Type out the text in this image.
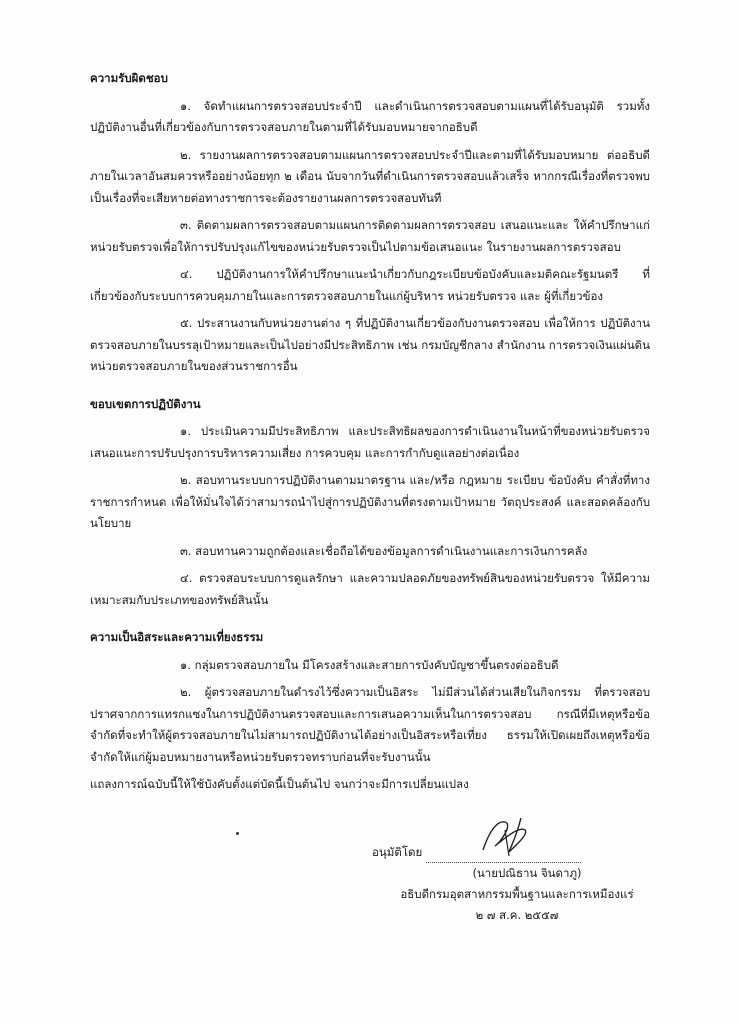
ความรับผิดชอบ
๑. จัดทำแผนการตรวจสอบประจำปี และดำเนินการตรวจสอบตามแผนที่ได้รับอนุมัติ รวมทั้งปฏิบัติงานอื่นที่เกี่ยวข้องกับการตรวจสอบภายในตามที่ได้รับมอบหมายจากอธิบดี
๒. รายงานผลการตรวจสอบตามแผนการตรวจสอบประจำปีและตามที่ได้รับมอบหมาย ต่ออธิบดีภายในเวลาอันสมควรหรืออย่างน้อยทุก ๒ เดือน นับจากวันที่ดำเนินการตรวจสอบแล้วเสร็จ หากกรณีเรื่องที่ตรวจพบเป็นเรื่องที่จะเสียหายต่อทางราชการจะต้องรายงานผลการตรวจสอบทันที
๓. ติดตามผลการตรวจสอบตามแผนการติดตามผลการตรวจสอบ เสนอแนะและ ให้คำปรึกษาแก่หน่วยรับตรวจเพื่อให้การปรับปรุงแก้ไขของหน่วยรับตรวจเป็นไปตามข้อเสนอแนะ ในรายงานผลการตรวจสอบ
๔. ปฏิบัติงานการให้คำปรึกษาแนะนำเกี่ยวกับกฎระเบียบข้อบังคับและมติคณะรัฐมนตรี ที่เกี่ยวข้องกับระบบการควบคุมภายในและการตรวจสอบภายในแก่ผู้บริหาร หน่วยรับตรวจ และ ผู้ที่เกี่ยวข้อง
๕. ประสานงานกับหน่วยงานต่าง ๆ ที่ปฏิบัติงานเกี่ยวข้องกับงานตรวจสอบ เพื่อให้การ ปฏิบัติงานตรวจสอบภายในบรรลุเป้าหมายและเป็นไปอย่างมีประสิทธิภาพ เช่น กรมบัญชีกลาง สำนักงาน การตรวจเงินแผ่นดิน หน่วยตรวจสอบภายในของส่วนราชการอื่น
ขอบเขตการปฏิบัติงาน
๑. ประเมินความมีประสิทธิภาพ และประสิทธิผลของการดำเนินงานในหน้าที่ของหน่วยรับตรวจ เสนอแนะการปรับปรุงการบริหารความเสี่ยง การควบคุม และการกำกับดูแลอย่างต่อเนื่อง
๒. สอบทานระบบการปฏิบัติงานตามมาตรฐาน และ/หรือ กฎหมาย ระเบียบ ข้อบังคับ คำสั่งที่ทางราชการกำหนด เพื่อให้มั่นใจได้ว่าสามารถนำไปสู่การปฏิบัติงานที่ตรงตามเป้าหมาย วัตถุประสงค์ และสอดคล้องกับนโยบาย
๓. สอบทานความถูกต้องและเชื่อถือได้ของข้อมูลการดำเนินงานและการเงินการคลัง
๔. ตรวจสอบระบบการดูแลรักษา และความปลอดภัยของทรัพย์สินของหน่วยรับตรวจ ให้มีความเหมาะสมกับประเภทของทรัพย์สินนั้น
ความเป็นอิสระและความเที่ยงธรรม
๑. กลุ่มตรวจสอบภายใน มีโครงสร้างและสายการบังคับบัญชาขึ้นตรงต่ออธิบดี
๒. ผู้ตรวจสอบภายในดำรงไว้ซึ่งความเป็นอิสระ ไม่มีส่วนได้ส่วนเสียในกิจกรรม ที่ตรวจสอบ ปราศจากการแทรกแซงในการปฏิบัติงานตรวจสอบและการเสนอความเห็นในการตรวจสอบ กรณีที่มีเหตุหรือข้อจำกัดที่จะทำให้ผู้ตรวจสอบภายในไม่สามารถปฏิบัติงานได้อย่างเป็นอิสระหรือเที่ยง ธรรมให้เปิดเผยถึงเหตุหรือข้อจำกัดให้แก่ผู้มอบหมายงานหรือหน่วยรับตรวจทราบก่อนที่จะรับงานนั้น
แถลงการณ์ฉบับนี้ให้ใช้บังคับตั้งแต่บัดนี้เป็นต้นไป จนกว่าจะมีการเปลี่ยนแปลง
อนุมัติโดย
(นายปณิธาน จินดาภู)
อธิบดีกรมอุตสาหกรรมพื้นฐานและการเหมืองแร่
๒ ๗ ส.ค. ๒๕๕๗
